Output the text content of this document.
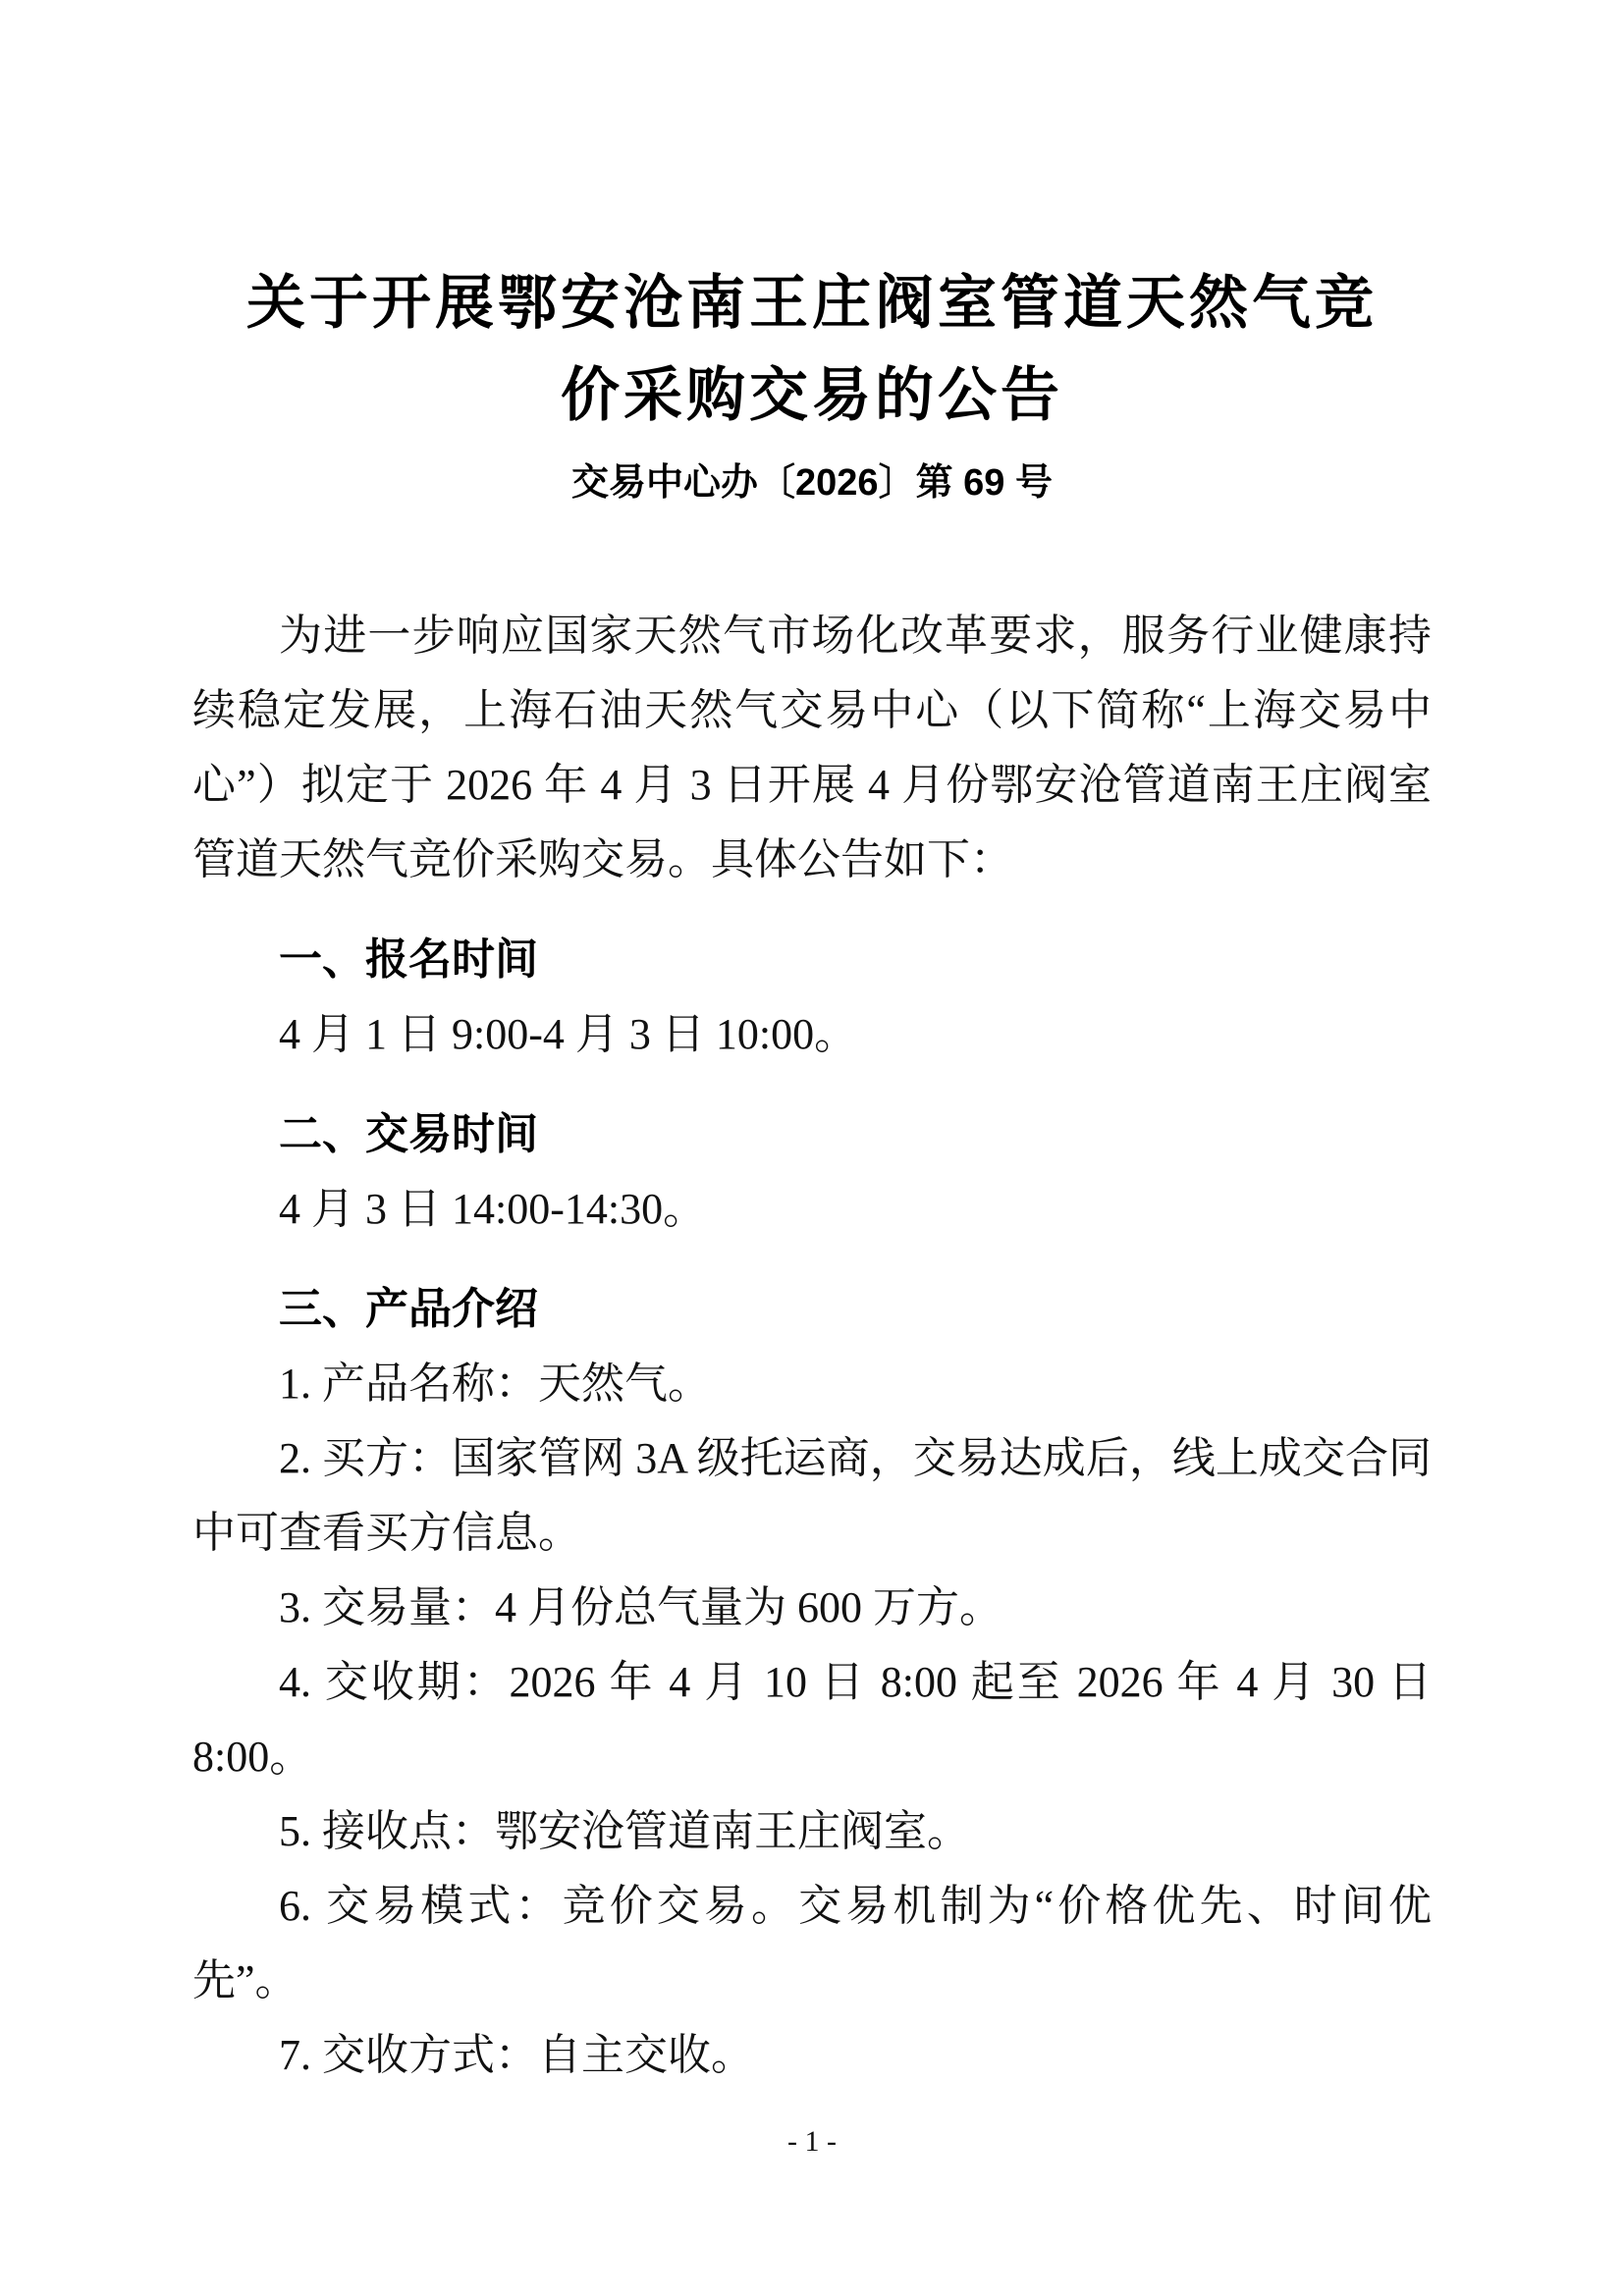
关于开展鄂安沧南王庄阀室管道天然气竞
价采购交易的公告
交易中心办〔2026〕第 69 号

为进一步响应国家天然气市场化改革要求，服务行业健康持续稳定发展，上海石油天然气交易中心（以下简称“上海交易中心”）拟定于 2026 年 4 月 3 日开展 4 月份鄂安沧管道南王庄阀室管道天然气竞价采购交易。具体公告如下：

一、报名时间

4 月 1 日 9:00-4 月 3 日 10:00。

二、交易时间

4 月 3 日 14:00-14:30。

三、产品介绍

1. 产品名称：天然气。

2. 买方：国家管网 3A 级托运商，交易达成后，线上成交合同中可查看买方信息。

3. 交易量：4 月份总气量为 600 万方。

4. 交收期：2026 年 4 月 10 日 8:00 起至 2026 年 4 月 30 日 8:00。

5. 接收点：鄂安沧管道南王庄阀室。

6. 交易模式：竞价交易。交易机制为“价格优先、时间优先”。

7. 交收方式：自主交收。

- 1 -
